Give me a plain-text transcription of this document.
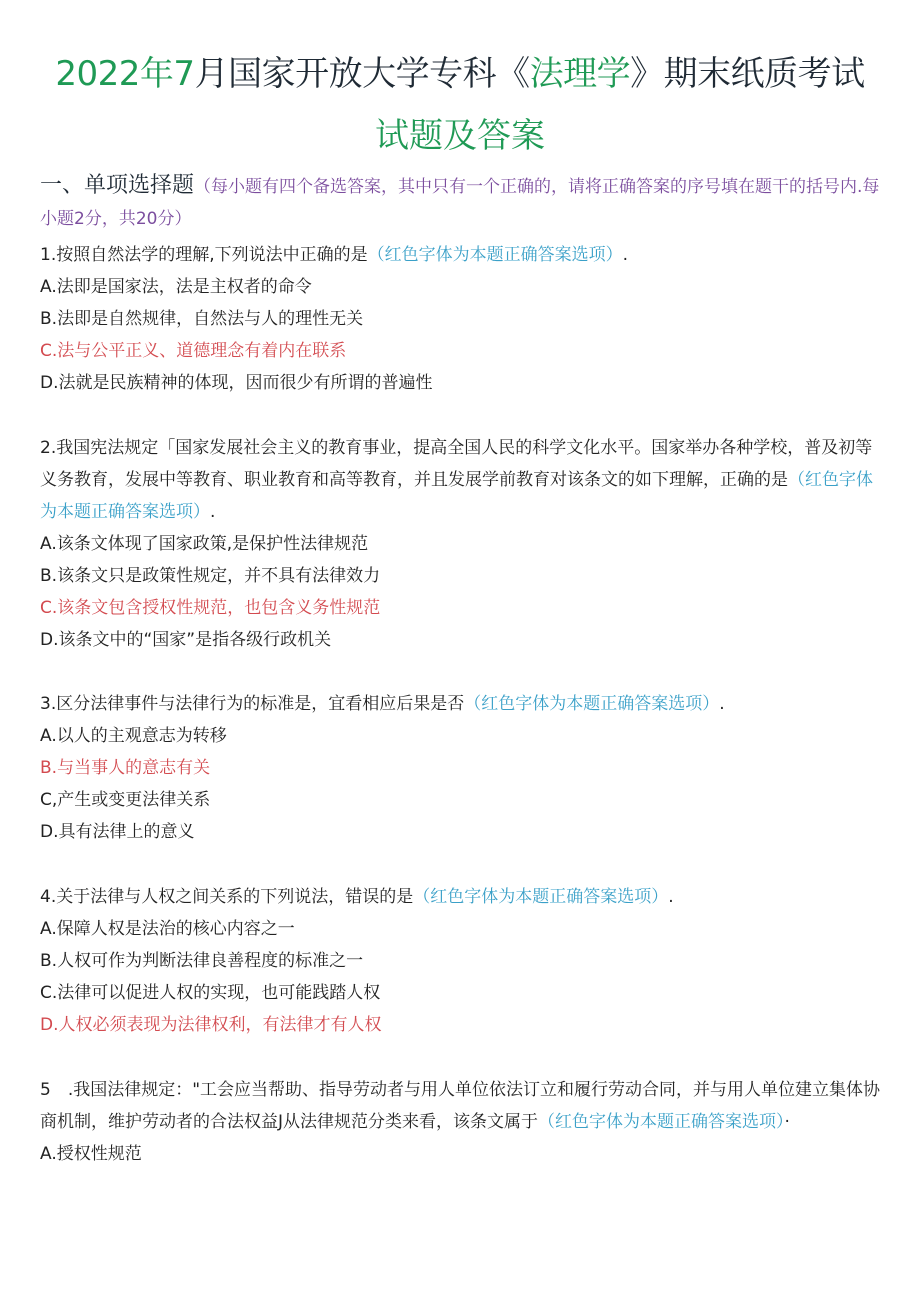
2022年7月国家开放大学专科《法理学》期末纸质考试
试题及答案
一、单项选择题（每小题有四个备选答案，其中只有一个正确的，请将正确答案的序号填在题干的括号内.每小题2分，共20分）
1.按照自然法学的理解,下列说法中正确的是（红色字体为本题正确答案选项）.
A.法即是国家法，法是主权者的命令
B.法即是自然规律，自然法与人的理性无关
C.法与公平正义、道德理念有着内在联系
D.法就是民族精神的体现，因而很少有所谓的普遍性
2.我国宪法规定「国家发展社会主义的教育事业，提高全国人民的科学文化水平。国家举办各种学校，普及初等义务教育，发展中等教育、职业教育和高等教育，并且发展学前教育对该条文的如下理解，正确的是（红色字体为本题正确答案选项）.
A.该条文体现了国家政策,是保护性法律规范
B.该条文只是政策性规定，并不具有法律效力
C.该条文包含授权性规范，也包含义务性规范
D.该条文中的“国家”是指各级行政机关
3.区分法律事件与法律行为的标准是，宜看相应后果是否（红色字体为本题正确答案选项）.
A.以人的主观意志为转移
B.与当事人的意志有关
C,产生或变更法律关系
D.具有法律上的意义
4.关于法律与人权之间关系的下列说法，错误的是（红色字体为本题正确答案选项）.
A.保障人权是法治的核心内容之一
B.人权可作为判断法律良善程度的标准之一
C.法律可以促进人权的实现，也可能践踏人权
D.人权必须表现为法律权利，有法律才有人权
5　.我国法律规定："工会应当帮助、指导劳动者与用人单位依法订立和履行劳动合同，并与用人单位建立集体协商机制，维护劳动者的合法权益J从法律规范分类来看，该条文属于（红色字体为本题正确答案选项）·
A.授权性规范
